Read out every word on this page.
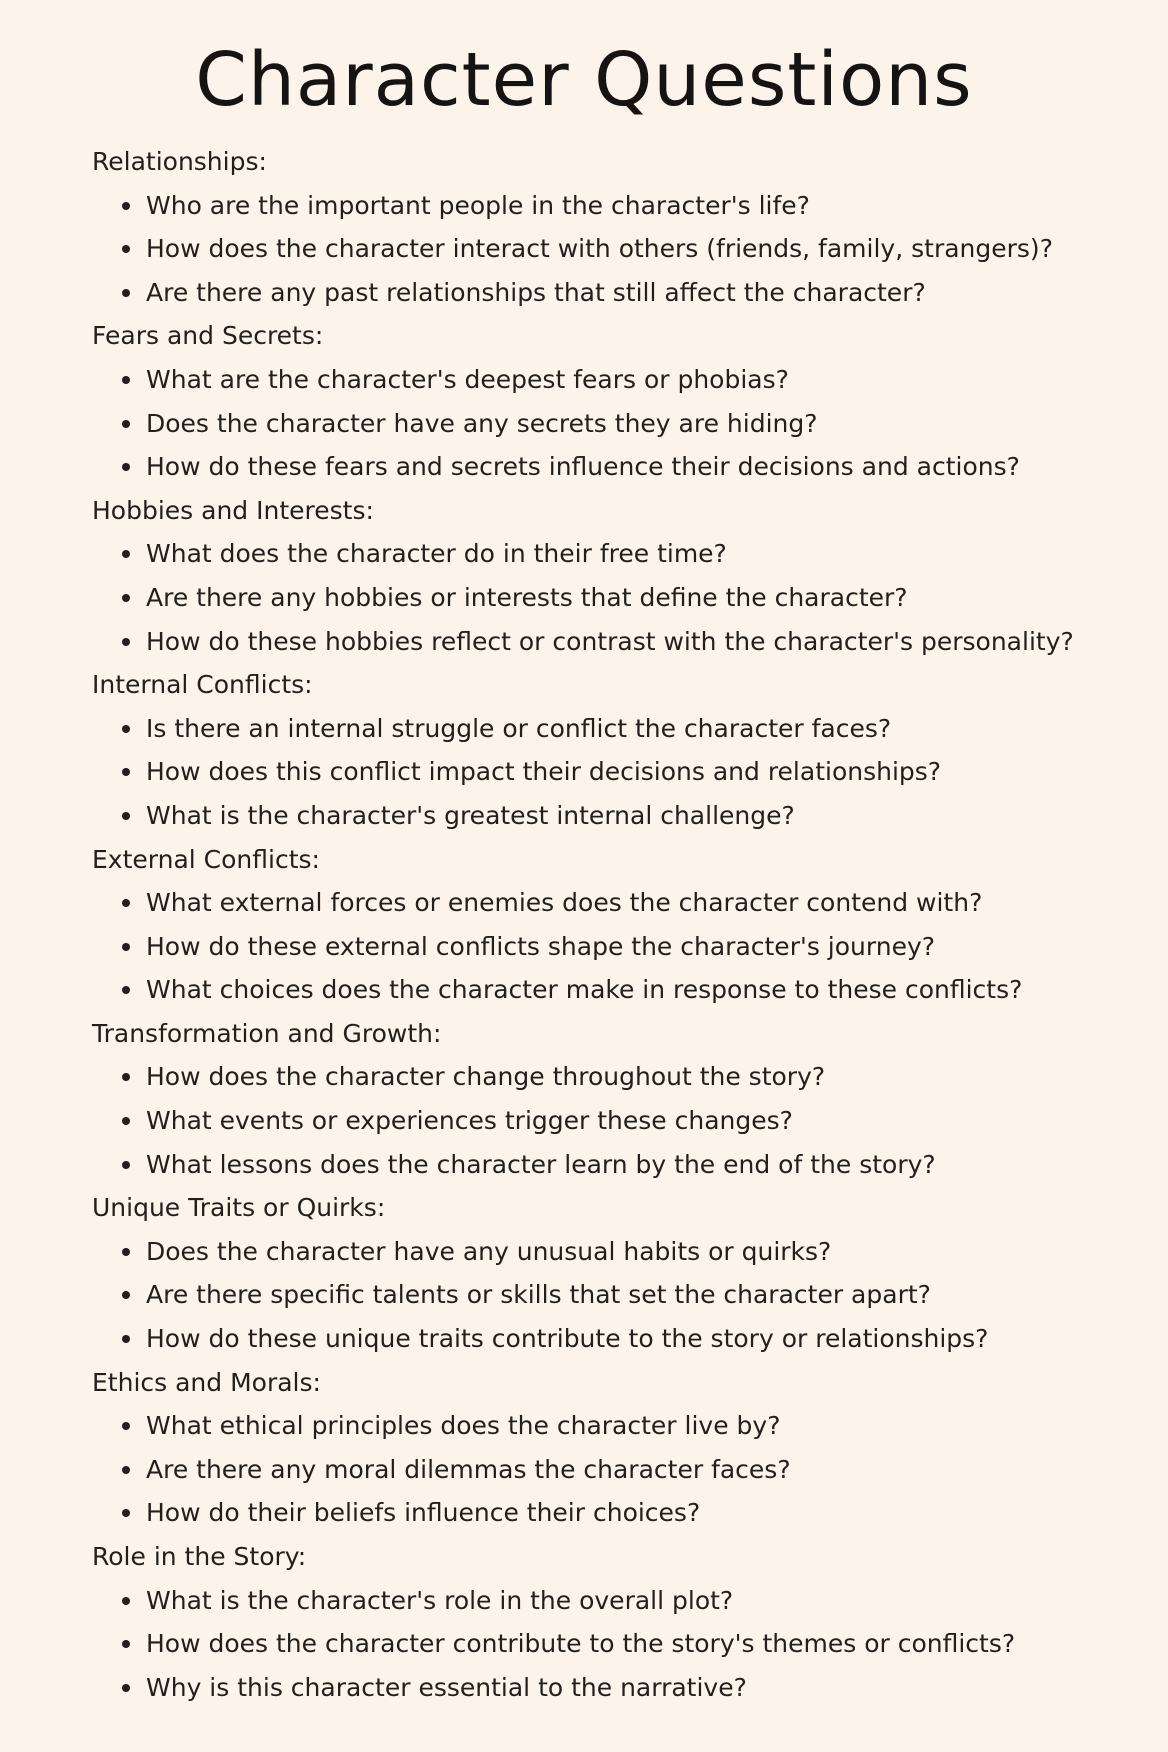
Character Questions
Relationships:
Who are the important people in the character's life?
How does the character interact with others (friends, family, strangers)?
Are there any past relationships that still affect the character?
Fears and Secrets:
What are the character's deepest fears or phobias?
Does the character have any secrets they are hiding?
How do these fears and secrets influence their decisions and actions?
Hobbies and Interests:
What does the character do in their free time?
Are there any hobbies or interests that define the character?
How do these hobbies reflect or contrast with the character's personality?
Internal Conflicts:
Is there an internal struggle or conflict the character faces?
How does this conflict impact their decisions and relationships?
What is the character's greatest internal challenge?
External Conflicts:
What external forces or enemies does the character contend with?
How do these external conflicts shape the character's journey?
What choices does the character make in response to these conflicts?
Transformation and Growth:
How does the character change throughout the story?
What events or experiences trigger these changes?
What lessons does the character learn by the end of the story?
Unique Traits or Quirks:
Does the character have any unusual habits or quirks?
Are there specific talents or skills that set the character apart?
How do these unique traits contribute to the story or relationships?
Ethics and Morals:
What ethical principles does the character live by?
Are there any moral dilemmas the character faces?
How do their beliefs influence their choices?
Role in the Story:
What is the character's role in the overall plot?
How does the character contribute to the story's themes or conflicts?
Why is this character essential to the narrative?
